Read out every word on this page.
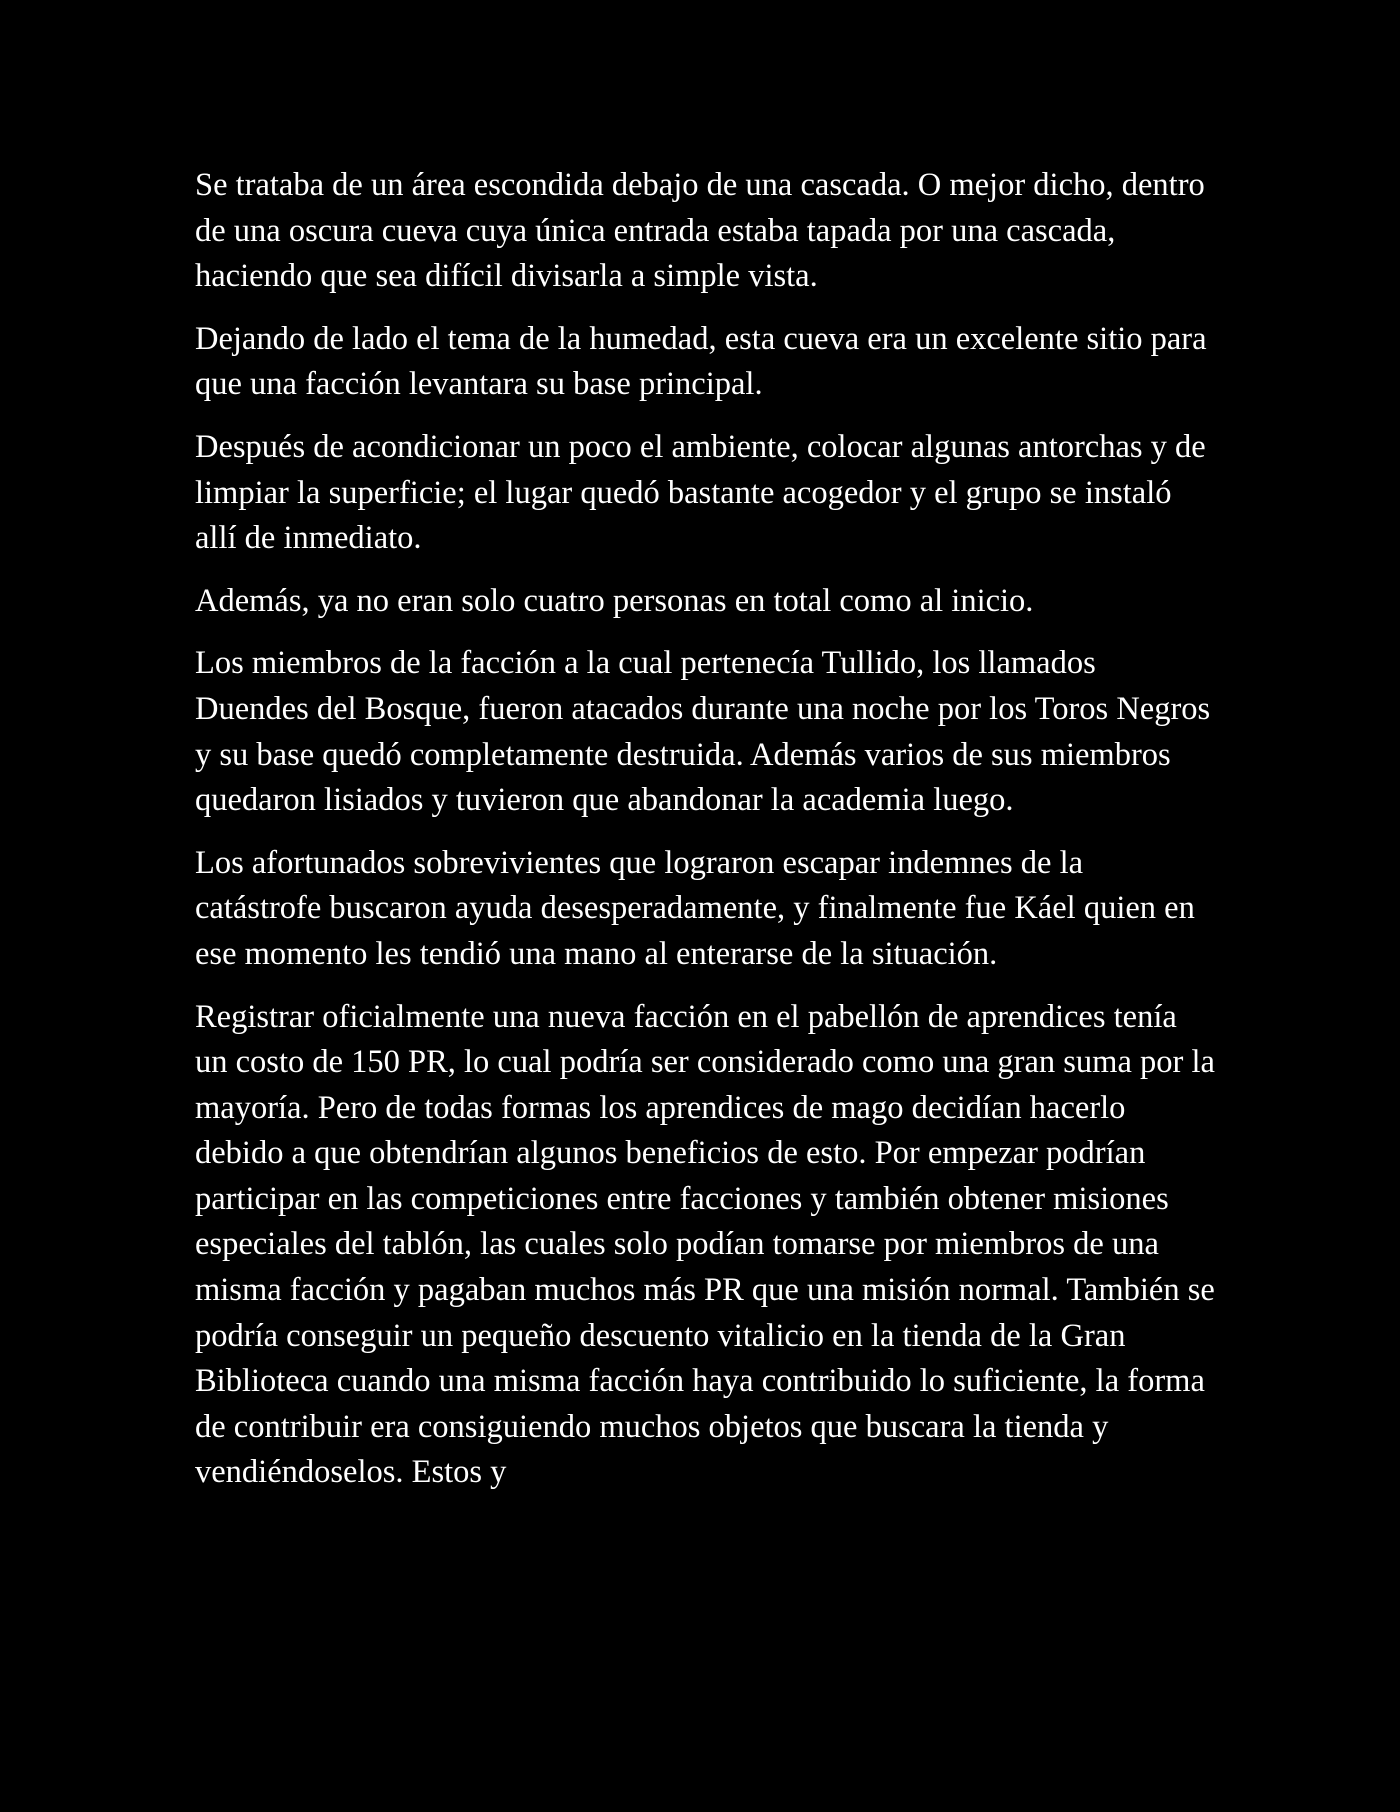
Se trataba de un área escondida debajo de una cascada. O mejor dicho, dentro de una oscura cueva cuya única entrada estaba tapada por una cascada, haciendo que sea difícil divisarla a simple vista.

Dejando de lado el tema de la humedad, esta cueva era un excelente sitio para que una facción levantara su base principal.

Después de acondicionar un poco el ambiente, colocar algunas antorchas y de limpiar la superficie; el lugar quedó bastante acogedor y el grupo se instaló allí de inmediato.

Además, ya no eran solo cuatro personas en total como al inicio.

Los miembros de la facción a la cual pertenecía Tullido, los llamados Duendes del Bosque, fueron atacados durante una noche por los Toros Negros y su base quedó completamente destruida. Además varios de sus miembros quedaron lisiados y tuvieron que abandonar la academia luego.

Los afortunados sobrevivientes que lograron escapar indemnes de la catástrofe buscaron ayuda desesperadamente, y finalmente fue Káel quien en ese momento les tendió una mano al enterarse de la situación.

Registrar oficialmente una nueva facción en el pabellón de aprendices tenía un costo de 150 PR, lo cual podría ser considerado como una gran suma por la mayoría. Pero de todas formas los aprendices de mago decidían hacerlo debido a que obtendrían algunos beneficios de esto. Por empezar podrían participar en las competiciones entre facciones y también obtener misiones especiales del tablón, las cuales solo podían tomarse por miembros de una misma facción y pagaban muchos más PR que una misión normal. También se podría conseguir un pequeño descuento vitalicio en la tienda de la Gran Biblioteca cuando una misma facción haya contribuido lo suficiente, la forma de contribuir era consiguiendo muchos objetos que buscara la tienda y vendiéndoselos. Estos y
